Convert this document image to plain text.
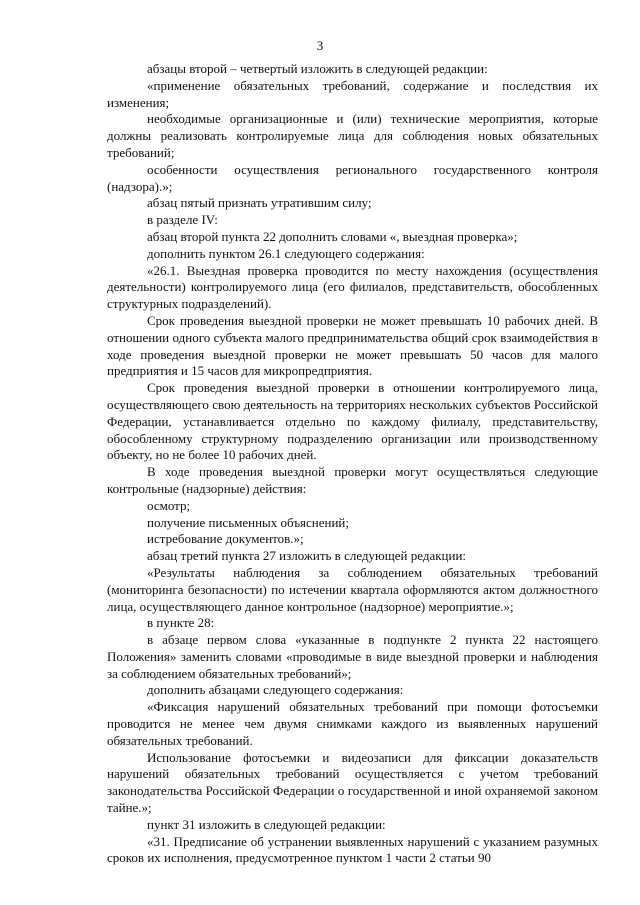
3

абзацы второй – четвертый изложить в следующей редакции:

«применение обязательных требований, содержание и последствия их изменения;

необходимые организационные и (или) технические мероприятия, которые должны реализовать контролируемые лица для соблюдения новых обязательных требований;

особенности осуществления регионального государственного контроля (надзора).»;

абзац пятый признать утратившим силу;

в разделе IV:

абзац второй пункта 22 дополнить словами «, выездная проверка»;

дополнить пунктом 26.1 следующего содержания:

«26.1. Выездная проверка проводится по месту нахождения (осуществления деятельности) контролируемого лица (его филиалов, представительств, обособленных структурных подразделений).

Срок проведения выездной проверки не может превышать 10 рабочих дней. В отношении одного субъекта малого предпринимательства общий срок взаимодействия в ходе проведения выездной проверки не может превышать 50 часов для малого предприятия и 15 часов для микропредприятия.

Срок проведения выездной проверки в отношении контролируемого лица, осуществляющего свою деятельность на территориях нескольких субъектов Российской Федерации, устанавливается отдельно по каждому филиалу, представительству, обособленному структурному подразделению организации или производственному объекту, но не более 10 рабочих дней.

В ходе проведения выездной проверки могут осуществляться следующие контрольные (надзорные) действия:

осмотр;

получение письменных объяснений;

истребование документов.»;

абзац третий пункта 27 изложить в следующей редакции:

«Результаты наблюдения за соблюдением обязательных требований (мониторинга безопасности) по истечении квартала оформляются актом должностного лица, осуществляющего данное контрольное (надзорное) мероприятие.»;

в пункте 28:

в абзаце первом слова «указанные в подпункте 2 пункта 22 настоящего Положения» заменить словами «проводимые в виде выездной проверки и наблюдения за соблюдением обязательных требований»;

дополнить абзацами следующего содержания:

«Фиксация нарушений обязательных требований при помощи фотосъемки проводится не менее чем двумя снимками каждого из выявленных нарушений обязательных требований.

Использование фотосъемки и видеозаписи для фиксации доказательств нарушений обязательных требований осуществляется с учетом требований законодательства Российской Федерации о государственной и иной охраняемой законом тайне.»;

пункт 31 изложить в следующей редакции:

«31. Предписание об устранении выявленных нарушений с указанием разумных сроков их исполнения, предусмотренное пунктом 1 части 2 статьи 90
